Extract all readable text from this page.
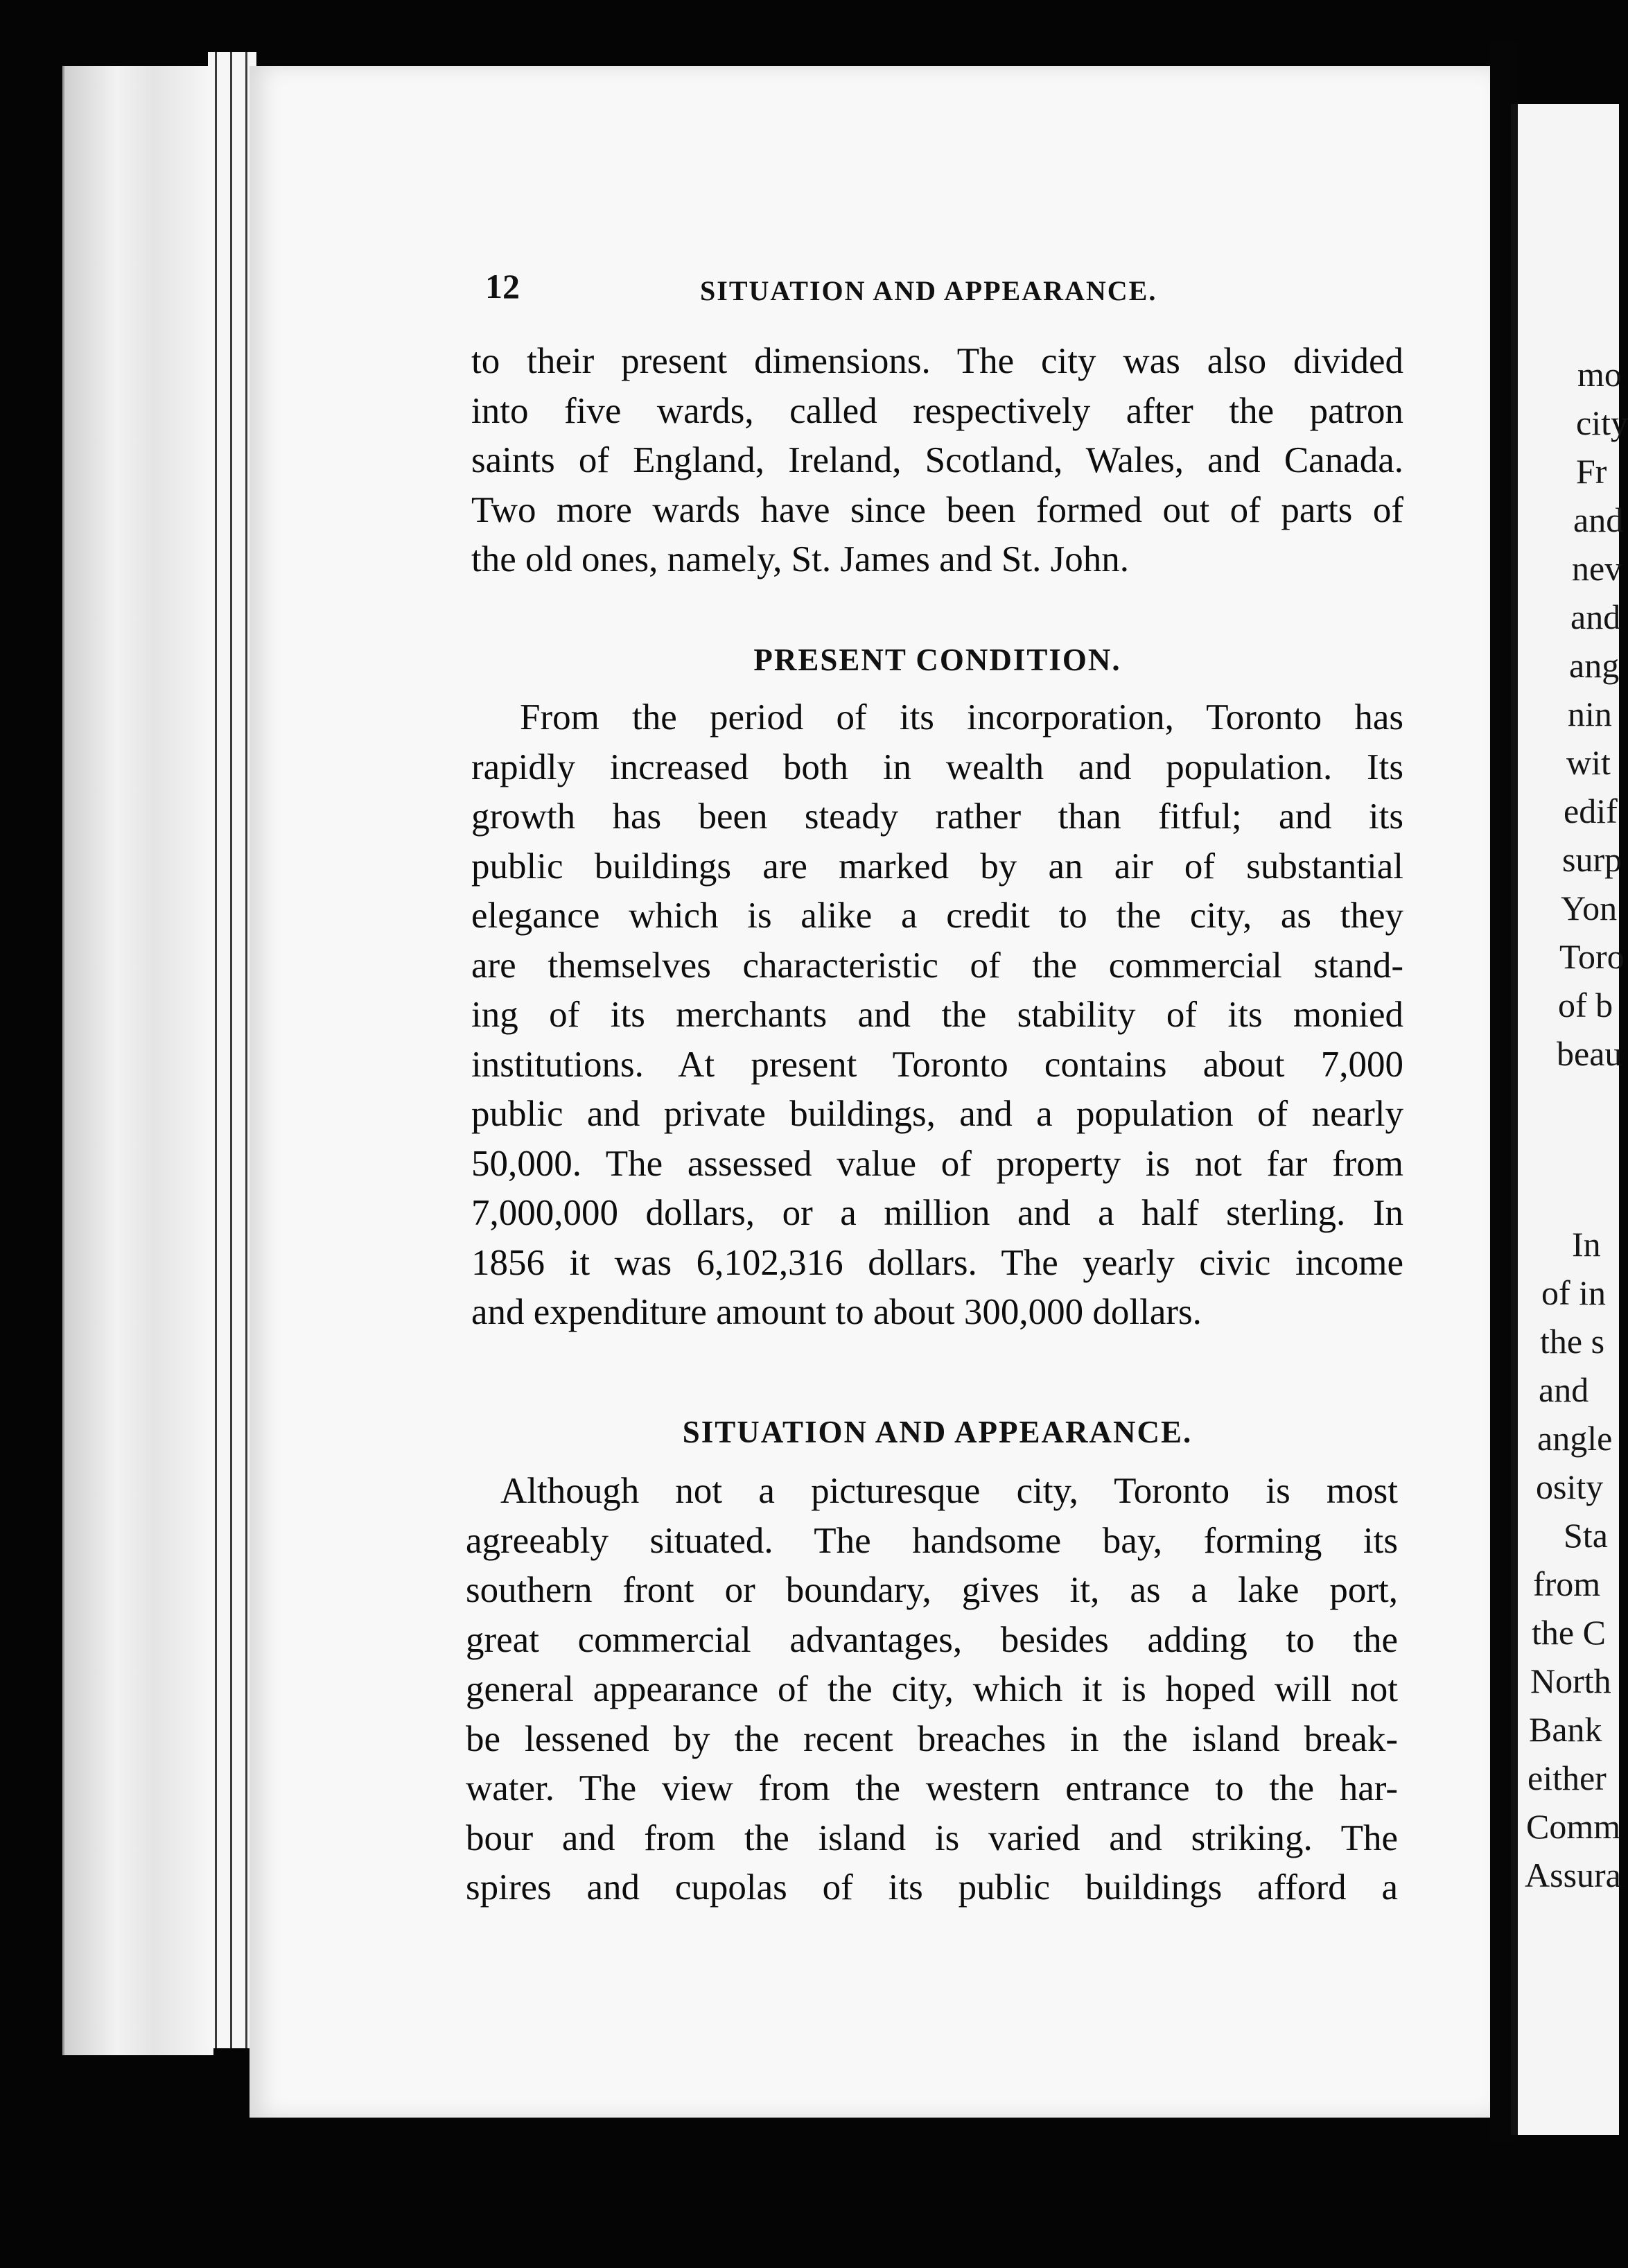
12	SITUATION AND APPEARANCE.
to their present dimensions. The city was also divided
into five wards, called respectively after the patron
saints of England, Ireland, Scotland, Wales, and Canada.
Two more wards have since been formed out of parts of
the old ones, namely, St. James and St. John.
PRESENT CONDITION.
From the period of its incorporation, Toronto has
rapidly increased both in wealth and population. Its
growth has been steady rather than fitful; and its
public buildings are marked by an air of substantial
elegance which is alike a credit to the city, as they
are themselves characteristic of the commercial stand-
ing of its merchants and the stability of its monied
institutions. At present Toronto contains about 7,000
public and private buildings, and a population of nearly
50,000. The assessed value of property is not far from
7,000,000 dollars, or a million and a half sterling. In
1856 it was 6,102,316 dollars. The yearly civic income
and expenditure amount to about 300,000 dollars.
SITUATION AND APPEARANCE.
Although not a picturesque city, Toronto is most
agreeably situated. The handsome bay, forming its
southern front or boundary, gives it, as a lake port,
great commercial advantages, besides adding to the
general appearance of the city, which it is hoped will not
be lessened by the recent breaches in the island break-
water. The view from the western entrance to the har-
bour and from the island is varied and striking. The
spires and cupolas of its public buildings afford a
mo
city
Fr
and
nev
and
ang
nin
wit
edif
surp
Yon
Toro
of b
beau
In
of in
the s
and
angle
osity
Sta
from
the C
North
Bank
either
Comm
Assura
